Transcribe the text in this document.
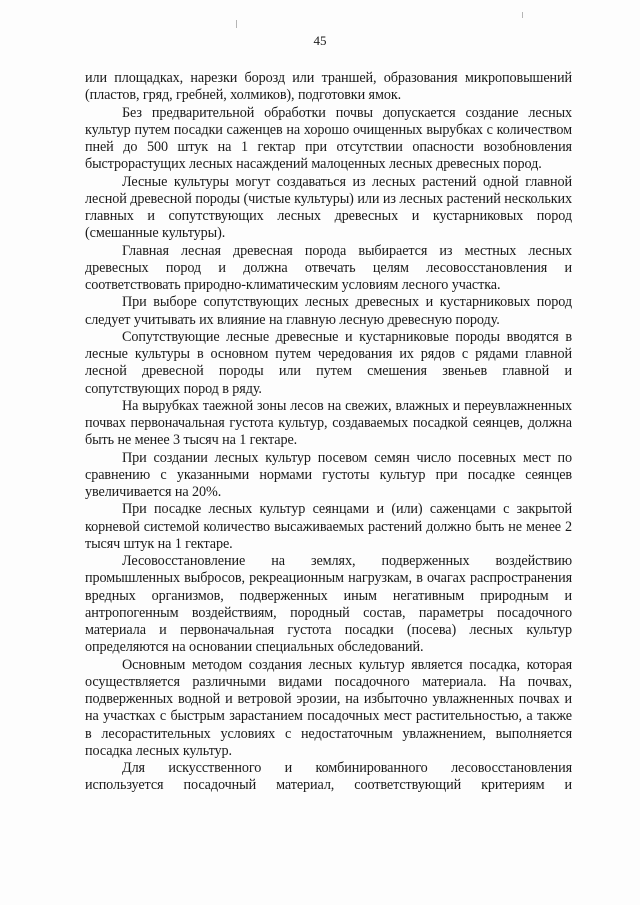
45

или площадках, нарезки борозд или траншей, образования микроповышений (пластов, гряд, гребней, холмиков), подготовки ямок.

Без предварительной обработки почвы допускается создание лесных культур путем посадки саженцев на хорошо очищенных вырубках с количеством пней до 500 штук на 1 гектар при отсутствии опасности возобновления быстрорастущих лесных насаждений малоценных лесных древесных пород.

Лесные культуры могут создаваться из лесных растений одной главной лесной древесной породы (чистые культуры) или из лесных растений нескольких главных и сопутствующих лесных древесных и кустарниковых пород (смешанные культуры).

Главная лесная древесная порода выбирается из местных лесных древесных пород и должна отвечать целям лесовосстановления и соответствовать природно-климатическим условиям лесного участка.

При выборе сопутствующих лесных древесных и кустарниковых пород следует учитывать их влияние на главную лесную древесную породу.

Сопутствующие лесные древесные и кустарниковые породы вводятся в лесные культуры в основном путем чередования их рядов с рядами главной лесной древесной породы или путем смешения звеньев главной и сопутствующих пород в ряду.

На вырубках таежной зоны лесов на свежих, влажных и переувлажненных почвах первоначальная густота культур, создаваемых посадкой сеянцев, должна быть не менее 3 тысяч на 1 гектаре.

При создании лесных культур посевом семян число посевных мест по сравнению с указанными нормами густоты культур при посадке сеянцев увеличивается на 20%.

При посадке лесных культур сеянцами и (или) саженцами с закрытой корневой системой количество высаживаемых растений должно быть не менее 2 тысяч штук на 1 гектаре.

Лесовосстановление на землях, подверженных воздействию промышленных выбросов, рекреационным нагрузкам, в очагах распространения вредных организмов, подверженных иным негативным природным и антропогенным воздействиям, породный состав, параметры посадочного материала и первоначальная густота посадки (посева) лесных культур определяются на основании специальных обследований.

Основным методом создания лесных культур является посадка, которая осуществляется различными видами посадочного материала. На почвах, подверженных водной и ветровой эрозии, на избыточно увлажненных почвах и на участках с быстрым зарастанием посадочных мест растительностью, а также в лесорастительных условиях с недостаточным увлажнением, выполняется посадка лесных культур.

Для искусственного и комбинированного лесовосстановления используется посадочный материал, соответствующий критериям и
